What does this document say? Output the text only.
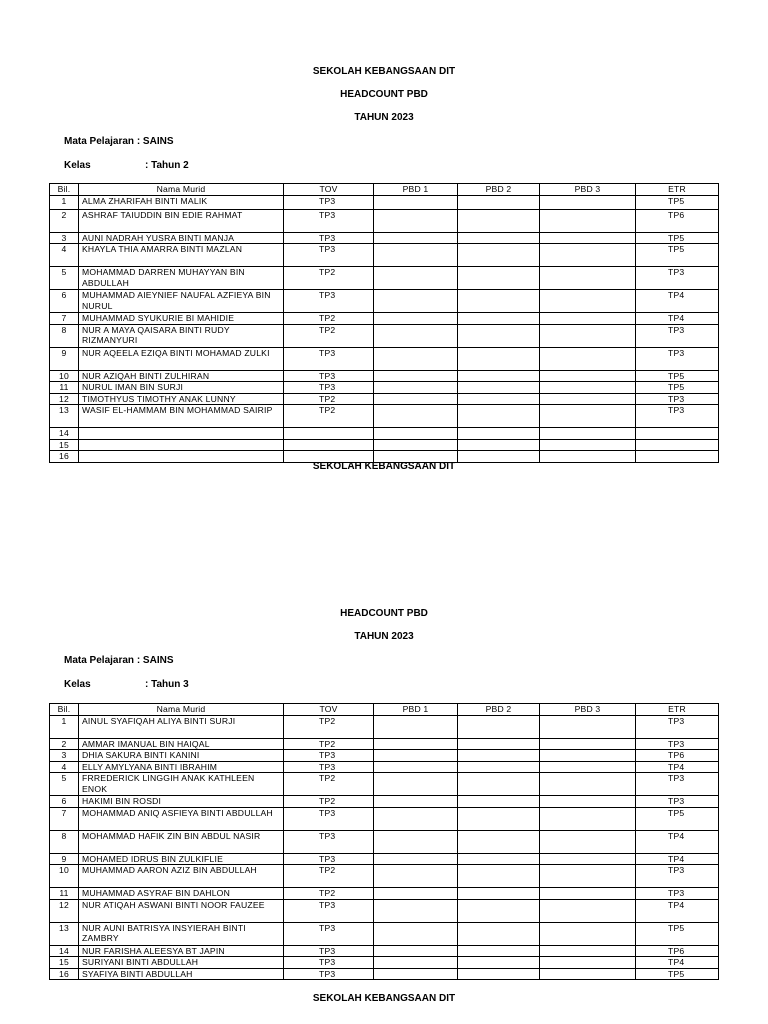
SEKOLAH KEBANGSAAN DIT
HEADCOUNT PBD
TAHUN 2023
Mata Pelajaran : SAINS
Kelas	: Tahun 2
Bil.	Nama Murid	TOV	PBD 1	PBD 2	PBD 3	ETR
1	ALMA ZHARIFAH BINTI MALIK	TP3				TP5
2	ASHRAF TAIUDDIN BIN EDIE RAHMAT	TP3				TP6
3	AUNI NADRAH YUSRA BINTI MANJA	TP3				TP5
4	KHAYLA THIA AMARRA BINTI MAZLAN	TP3				TP5
5	MOHAMMAD DARREN MUHAYYAN BIN ABDULLAH	TP2				TP3
6	MUHAMMAD AIEYNIEF NAUFAL AZFIEYA BIN NURUL	TP3				TP4
7	MUHAMMAD SYUKURIE BI MAHIDIE	TP2				TP4
8	NUR A MAYA QAISARA BINTI RUDY RIZMANYURI	TP2				TP3
9	NUR AQEELA EZIQA BINTI MOHAMAD ZULKI	TP3				TP3
10	NUR AZIQAH BINTI ZULHIRAN	TP3				TP5
11	NURUL IMAN BIN SURJI	TP3				TP5
12	TIMOTHYUS TIMOTHY ANAK LUNNY	TP2				TP3
13	WASIF EL-HAMMAM BIN MOHAMMAD SAIRIP	TP2				TP3
14						
15						
16						
SEKOLAH KEBANGSAAN DIT
HEADCOUNT PBD
TAHUN 2023
Mata Pelajaran : SAINS
Kelas	: Tahun 3
Bil.	Nama Murid	TOV	PBD 1	PBD 2	PBD 3	ETR
1	AINUL SYAFIQAH ALIYA BINTI SURJI	TP2				TP3
2	AMMAR IMANUAL BIN HAIQAL	TP2				TP3
3	DHIA SAKURA BINTI KANINI	TP3				TP6
4	ELLY AMYLYANA BINTI IBRAHIM	TP3				TP4
5	FRREDERICK LINGGIH ANAK KATHLEEN ENOK	TP2				TP3
6	HAKIMI BIN ROSDI	TP2				TP3
7	MOHAMMAD ANIQ ASFIEYA BINTI ABDULLAH	TP3				TP5
8	MOHAMMAD HAFIK ZIN BIN ABDUL NASIR	TP3				TP4
9	MOHAMED IDRUS BIN ZULKIFLIE	TP3				TP4
10	MUHAMMAD AARON AZIZ BIN ABDULLAH	TP2				TP3
11	MUHAMMAD ASYRAF BIN DAHLON	TP2				TP3
12	NUR ATIQAH ASWANI BINTI NOOR FAUZEE	TP3				TP4
13	NUR AUNI BATRISYA INSYIERAH BINTI ZAMBRY	TP3				TP5
14	NUR FARISHA ALEESYA BT JAPIN	TP3				TP6
15	SURIYANI BINTI ABDULLAH	TP3				TP4
16	SYAFIYA BINTI ABDULLAH	TP3				TP5
SEKOLAH KEBANGSAAN DIT
